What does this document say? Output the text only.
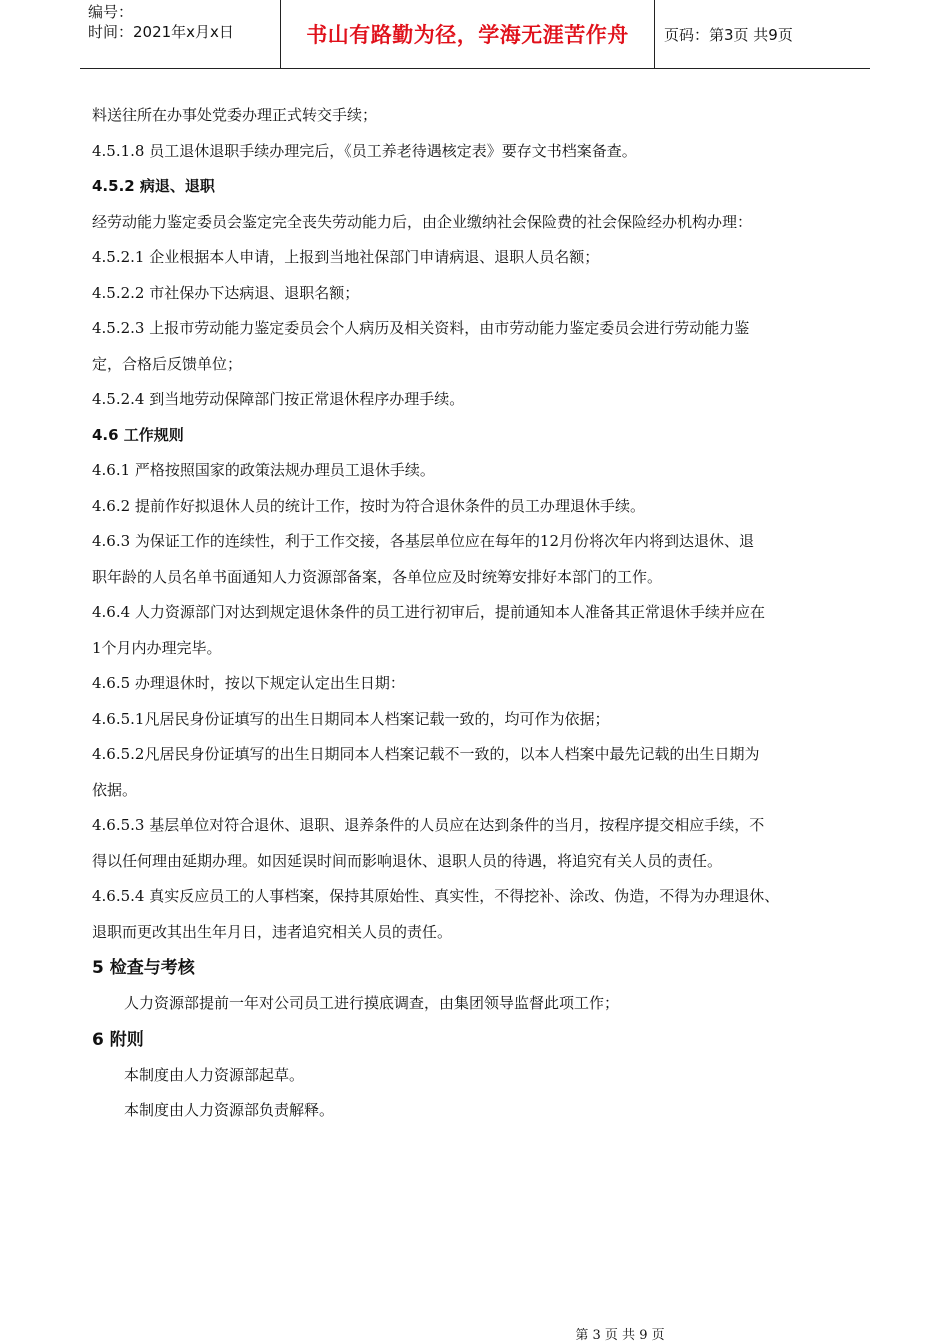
编号：
时间：2021年x月x日	书山有路勤为径，学海无涯苦作舟	页码：第3页 共9页
料送往所在办事处党委办理正式转交手续；
4.5.1.8 员工退休退职手续办理完后，《员工养老待遇核定表》要存文书档案备查。
4.5.2 病退、退职
经劳动能力鉴定委员会鉴定完全丧失劳动能力后，由企业缴纳社会保险费的社会保险经办机构办理：
4.5.2.1 企业根据本人申请，上报到当地社保部门申请病退、退职人员名额；
4.5.2.2 市社保办下达病退、退职名额；
4.5.2.3 上报市劳动能力鉴定委员会个人病历及相关资料，由市劳动能力鉴定委员会进行劳动能力鉴
定，合格后反馈单位；
4.5.2.4 到当地劳动保障部门按正常退休程序办理手续。
4.6 工作规则
4.6.1 严格按照国家的政策法规办理员工退休手续。
4.6.2 提前作好拟退休人员的统计工作，按时为符合退休条件的员工办理退休手续。
4.6.3 为保证工作的连续性，利于工作交接，各基层单位应在每年的12月份将次年内将到达退休、退
职年龄的人员名单书面通知人力资源部备案，各单位应及时统筹安排好本部门的工作。
4.6.4 人力资源部门对达到规定退休条件的员工进行初审后，提前通知本人准备其正常退休手续并应在
1个月内办理完毕。
4.6.5 办理退休时，按以下规定认定出生日期：
4.6.5.1凡居民身份证填写的出生日期同本人档案记载一致的，均可作为依据；
4.6.5.2凡居民身份证填写的出生日期同本人档案记载不一致的，以本人档案中最先记载的出生日期为
依据。
4.6.5.3 基层单位对符合退休、退职、退养条件的人员应在达到条件的当月，按程序提交相应手续，不
得以任何理由延期办理。如因延误时间而影响退休、退职人员的待遇，将追究有关人员的责任。
4.6.5.4 真实反应员工的人事档案，保持其原始性、真实性，不得挖补、涂改、伪造，不得为办理退休、
退职而更改其出生年月日，违者追究相关人员的责任。
5 检查与考核
人力资源部提前一年对公司员工进行摸底调查，由集团领导监督此项工作；
6 附则
本制度由人力资源部起草。
本制度由人力资源部负责解释。
第 3 页 共 9 页
